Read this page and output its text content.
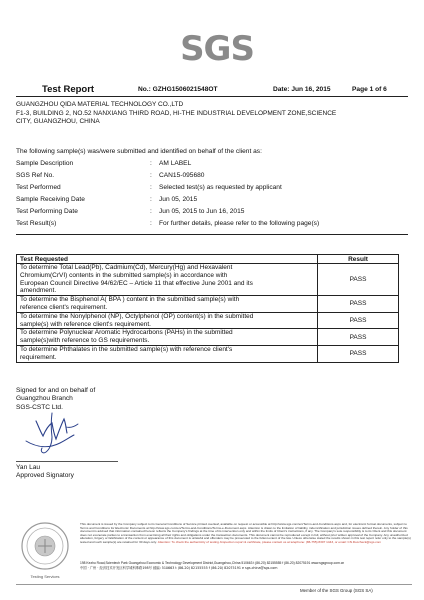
SGS
Test Report	No.: GZHG1506021548OT	Date: Jun 16, 2015	Page 1 of 6
GUANGZHOU QIDA MATERIAL TECHNOLOGY CO.,LTD
F1-3, BUILDING 2, NO.52 NANXIANG THIRD ROAD, HI-THE INDUSTRIAL DEVELOPMENT ZONE,SCIENCE
CITY, GUANGZHOU, CHINA
The following sample(s) was/were submitted and identified on behalf of the client as:
Sample Description	: AM LABEL
SGS Ref No.	: CAN15-095680
Test Performed	: Selected test(s) as requested by applicant
Sample Receiving Date	: Jun 05, 2015
Test Performing Date	: Jun 05, 2015 to Jun 16, 2015
Test Result(s)	: For further details, please refer to the following page(s)
Test Requested	Result

To determine Total Lead(Pb), Cadmium(Cd), Mercury(Hg) and Hexavalent
Chromium(CrVI) contents in the submitted sample(s) in accordance with
European Council Directive 94/62/EC – Article 11 that effective June 2001 and its
amendment.	PASS

To determine the Bisphenol A( BPA ) content in the submitted sample(s) with
reference client's requirement.	PASS

To determine the Nonylphenol (NP), Octylphenol (OP) content(s) in the submitted
sample(s) with reference client's requirement.	PASS

To determine Polynuclear Aromatic Hydrocarbons (PAHs) in the submitted
sample(s)with reference to GS requirements.	PASS

To determine Phthalates in the submitted sample(s) with reference client's
requirement.	PASS
Signed for and on behalf of
Guangzhou Branch
SGS-CSTC Ltd.
Yan Lau
Approved Signatory
Testing Services
This document is issued by the Company subject to its General Conditions of Service printed overleaf, available on request or accessible at http://www.sgs.com/en/Terms-and-Conditions.aspx and, for electronic format documents, subject to Terms and Conditions for Electronic Documents at http://www.sgs.com/en/Terms-and-Conditions/Terms-e-Document.aspx. Attention is drawn to the limitation of liability, indemnification and jurisdiction issues defined therein. Any holder of this document is advised that information contained hereon reflects the Company's findings at the time of its intervention only and within the limits of Client's instructions, if any. The Company's sole responsibility is to its Client and this document does not exonerate parties to a transaction from exercising all their rights and obligations under the transaction documents. This document cannot be reproduced except in full, without prior written approval of the Company. Any unauthorized alteration, forgery or falsification of the content or appearance of this document is unlawful and offenders may be prosecuted to the fullest extent of the law. Unless otherwise stated the results shown in this test report refer only to the sample(s) tested and such sample(s) are retained for 30 days only. Attention: To check the authenticity of testing /inspection report & certificate, please contact us at telephone: (86-755) 8307 1443, or email: CN.Doccheck@sgs.com
198 Kezhu Road,Scientech Park Guangzhou Economic & Technology Development District,Guangzhou,China 510663 t (86-20) 82155555 f (86-20) 82075191 www.sgsgroup.com.cn
中国 · 广州 · 经济技术开发区科学城科珠路198号 邮编: 510663 t (86-20) 82155555 f (86-20) 82075191 e sgs.china@sgs.com
Member of the SGS Group (SGS SA)
